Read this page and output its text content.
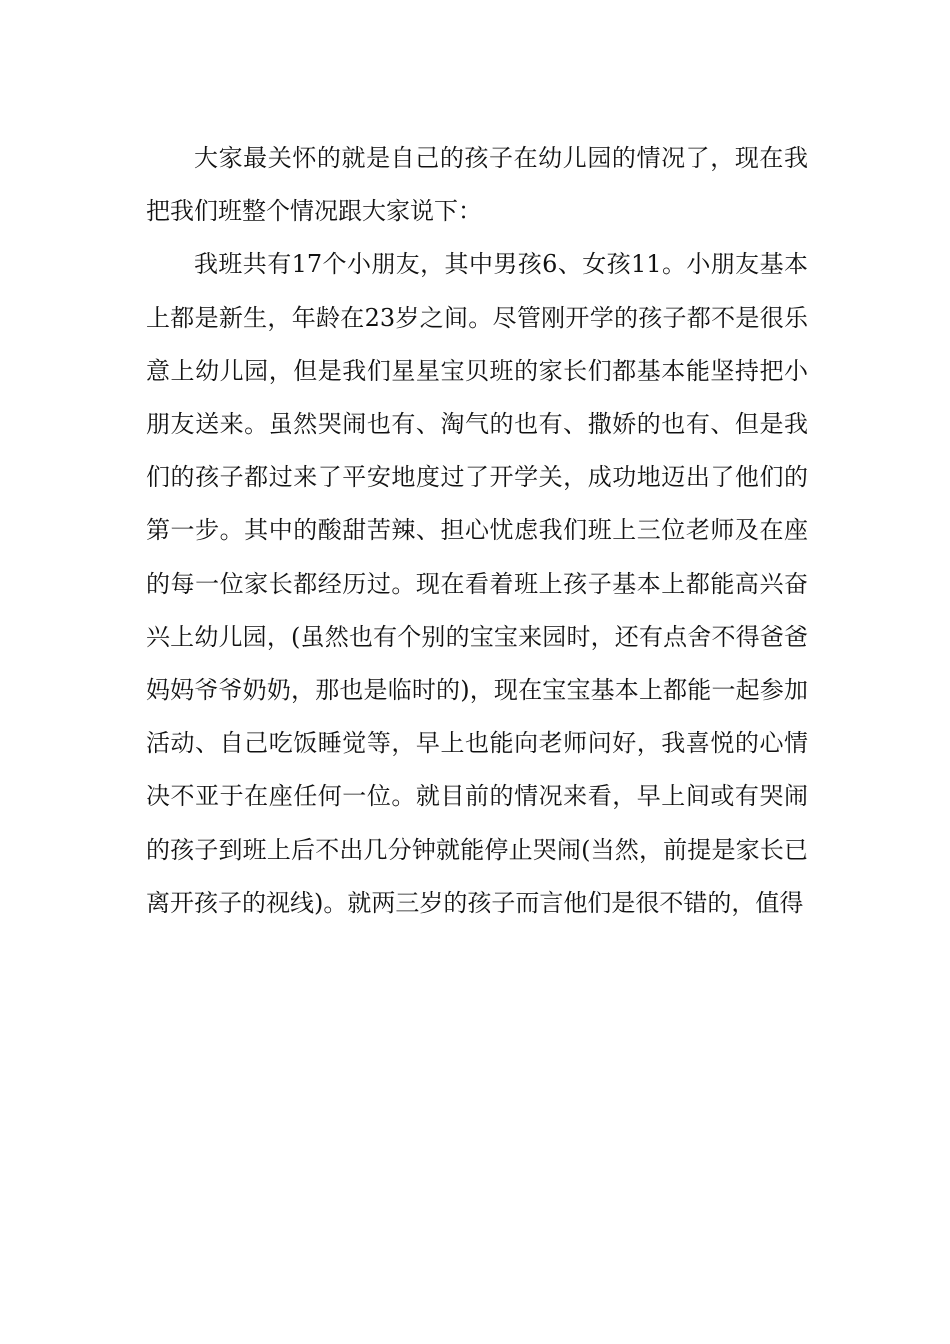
大家最关怀的就是自己的孩子在幼儿园的情况了，现在我把我们班整个情况跟大家说下：

我班共有17个小朋友，其中男孩6、女孩11。小朋友基本上都是新生，年龄在23岁之间。尽管刚开学的孩子都不是很乐意上幼儿园，但是我们星星宝贝班的家长们都基本能坚持把小朋友送来。虽然哭闹也有、淘气的也有、撒娇的也有、但是我们的孩子都过来了平安地度过了开学关，成功地迈出了他们的第一步。其中的酸甜苦辣、担心忧虑我们班上三位老师及在座的每一位家长都经历过。现在看着班上孩子基本上都能高兴奋兴上幼儿园，(虽然也有个别的宝宝来园时，还有点舍不得爸爸妈妈爷爷奶奶，那也是临时的)，现在宝宝基本上都能一起参加活动、自己吃饭睡觉等，早上也能向老师问好，我喜悦的心情决不亚于在座任何一位。就目前的情况来看，早上间或有哭闹的孩子到班上后不出几分钟就能停止哭闹(当然，前提是家长已离开孩子的视线)。就两三岁的孩子而言他们是很不错的，值得
